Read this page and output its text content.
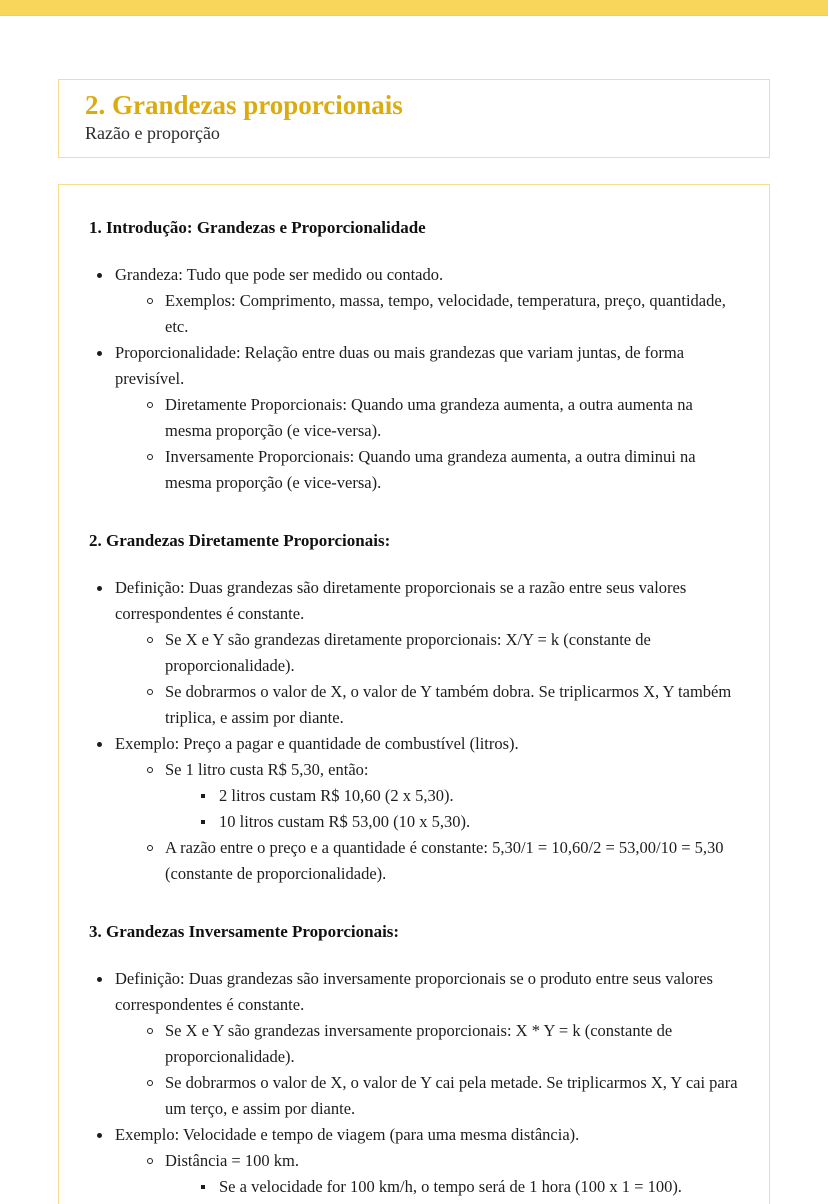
2. Grandezas proporcionais
Razão e proporção
1. Introdução: Grandezas e Proporcionalidade
Grandeza: Tudo que pode ser medido ou contado.
Exemplos: Comprimento, massa, tempo, velocidade, temperatura, preço, quantidade, etc.
Proporcionalidade: Relação entre duas ou mais grandezas que variam juntas, de forma previsível.
Diretamente Proporcionais: Quando uma grandeza aumenta, a outra aumenta na mesma proporção (e vice-versa).
Inversamente Proporcionais: Quando uma grandeza aumenta, a outra diminui na mesma proporção (e vice-versa).
2. Grandezas Diretamente Proporcionais:
Definição: Duas grandezas são diretamente proporcionais se a razão entre seus valores correspondentes é constante.
Se X e Y são grandezas diretamente proporcionais: X/Y = k (constante de proporcionalidade).
Se dobrarmos o valor de X, o valor de Y também dobra. Se triplicarmos X, Y também triplica, e assim por diante.
Exemplo: Preço a pagar e quantidade de combustível (litros).
Se 1 litro custa R$ 5,30, então:
2 litros custam R$ 10,60 (2 x 5,30).
10 litros custam R$ 53,00 (10 x 5,30).
A razão entre o preço e a quantidade é constante: 5,30/1 = 10,60/2 = 53,00/10 = 5,30 (constante de proporcionalidade).
3. Grandezas Inversamente Proporcionais:
Definição: Duas grandezas são inversamente proporcionais se o produto entre seus valores correspondentes é constante.
Se X e Y são grandezas inversamente proporcionais: X * Y = k (constante de proporcionalidade).
Se dobrarmos o valor de X, o valor de Y cai pela metade. Se triplicarmos X, Y cai para um terço, e assim por diante.
Exemplo: Velocidade e tempo de viagem (para uma mesma distância).
Distância = 100 km.
Se a velocidade for 100 km/h, o tempo será de 1 hora (100 x 1 = 100).
